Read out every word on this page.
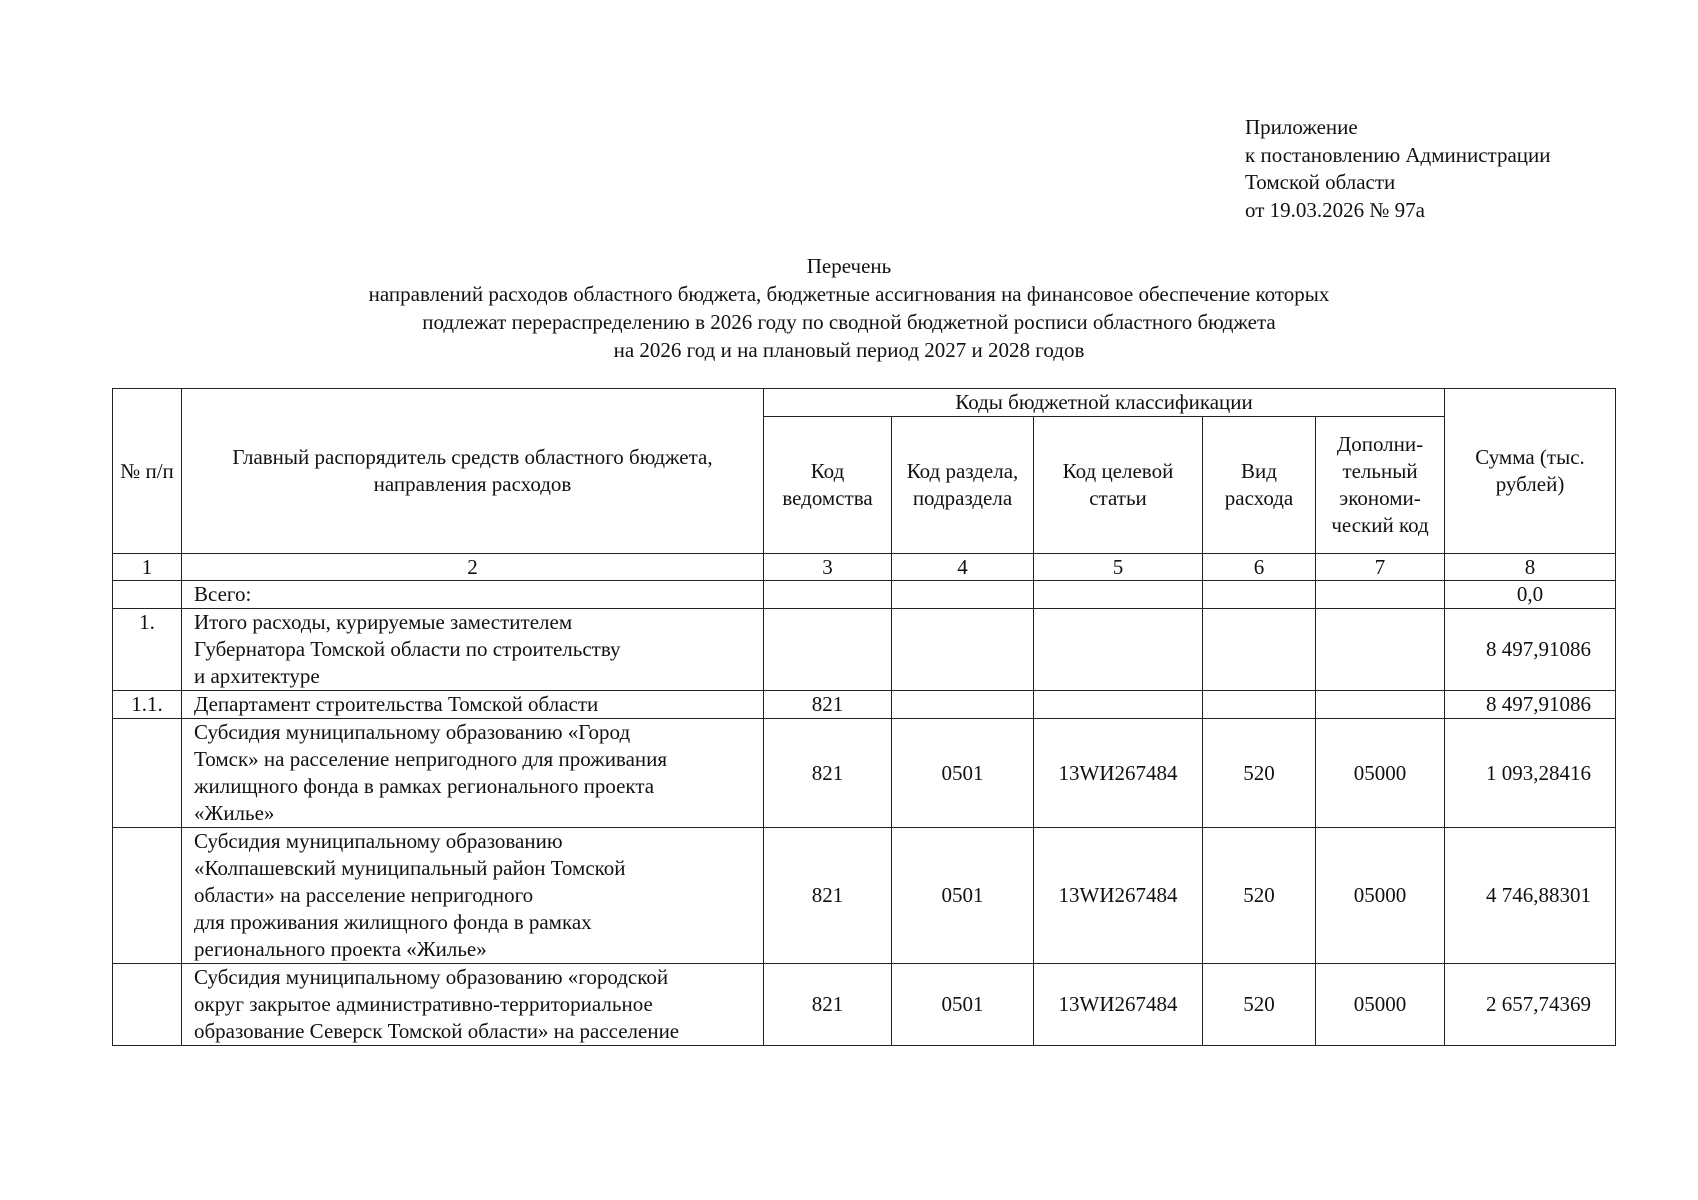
Приложение
к постановлению Администрации
Томской области
от 19.03.2026 № 97а
Перечень
направлений расходов областного бюджета, бюджетные ассигнования на финансовое обеспечение которых
подлежат перераспределению в 2026 году по сводной бюджетной росписи областного бюджета
на 2026 год и на плановый период 2027 и 2028 годов
№ п/п	Главный распорядитель средств областного бюджета, направления расходов	Коды бюджетной классификации					Сумма (тыс. рублей)
		Код ведомства	Код раздела, подраздела	Код целевой статьи	Вид расхода	Дополни-тельный экономи-ческий код	
1	2	3	4	5	6	7	8

	Всего:						0,0
1.	Итого расходы, курируемые заместителем
Губернатора Томской области по строительству
и архитектуре						8 497,91086
1.1.	Департамент строительства Томской области	821					8 497,91086

	Субсидия муниципальному образованию «Город
Томск» на расселение непригодного для проживания
жилищного фонда в рамках регионального проекта
«Жилье»	821	0501	13WИ267484	520	05000	1 093,28416

	Субсидия муниципальному образованию
«Колпашевский муниципальный район Томской
области» на расселение непригодного
для проживания жилищного фонда в рамках
регионального проекта «Жилье»	821	0501	13WИ267484	520	05000	4 746,88301

	Субсидия муниципальному образованию «городской
округ закрытое административно-территориальное
образование Северск Томской области» на расселение	821	0501	13WИ267484	520	05000	2 657,74369
